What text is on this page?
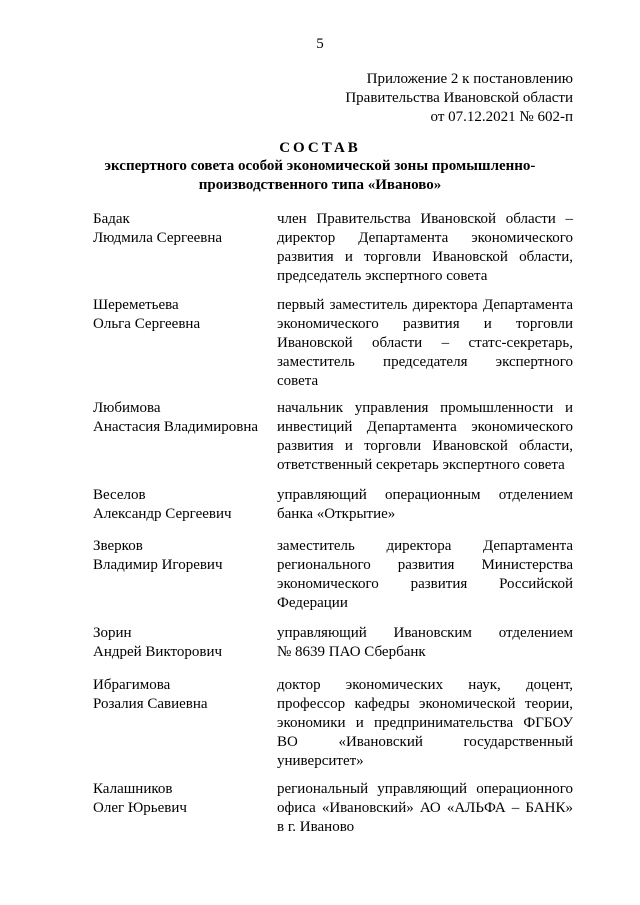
5
Приложение 2 к постановлению
Правительства Ивановской области
от 07.12.2021 № 602-п
СОСТАВ
экспертного совета особой экономической зоны промышленно-
производственного типа «Иваново»
Бадак
Людмила Сергеевна
член Правительства Ивановской области –
директор Департамента экономического
развития и торговли Ивановской области,
председатель экспертного совета
Шереметьева
Ольга Сергеевна
первый заместитель директора Департамента
экономического развития и торговли
Ивановской области – статс-секретарь,
заместитель председателя экспертного
совета
Любимова
Анастасия Владимировна
начальник управления промышленности и
инвестиций Департамента экономического
развития и торговли Ивановской области,
ответственный секретарь экспертного совета
Веселов
Александр Сергеевич
управляющий операционным отделением
банка «Открытие»
Зверков
Владимир Игоревич
заместитель директора Департамента
регионального развития Министерства
экономического развития Российской
Федерации
Зорин
Андрей Викторович
управляющий Ивановским отделением
№ 8639 ПАО Сбербанк
Ибрагимова
Розалия Савиевна
доктор экономических наук, доцент,
профессор кафедры экономической теории,
экономики и предпринимательства ФГБОУ
ВО «Ивановский государственный
университет»
Калашников
Олег Юрьевич
региональный управляющий операционного
офиса «Ивановский» АО «АЛЬФА – БАНК»
в г. Иваново
